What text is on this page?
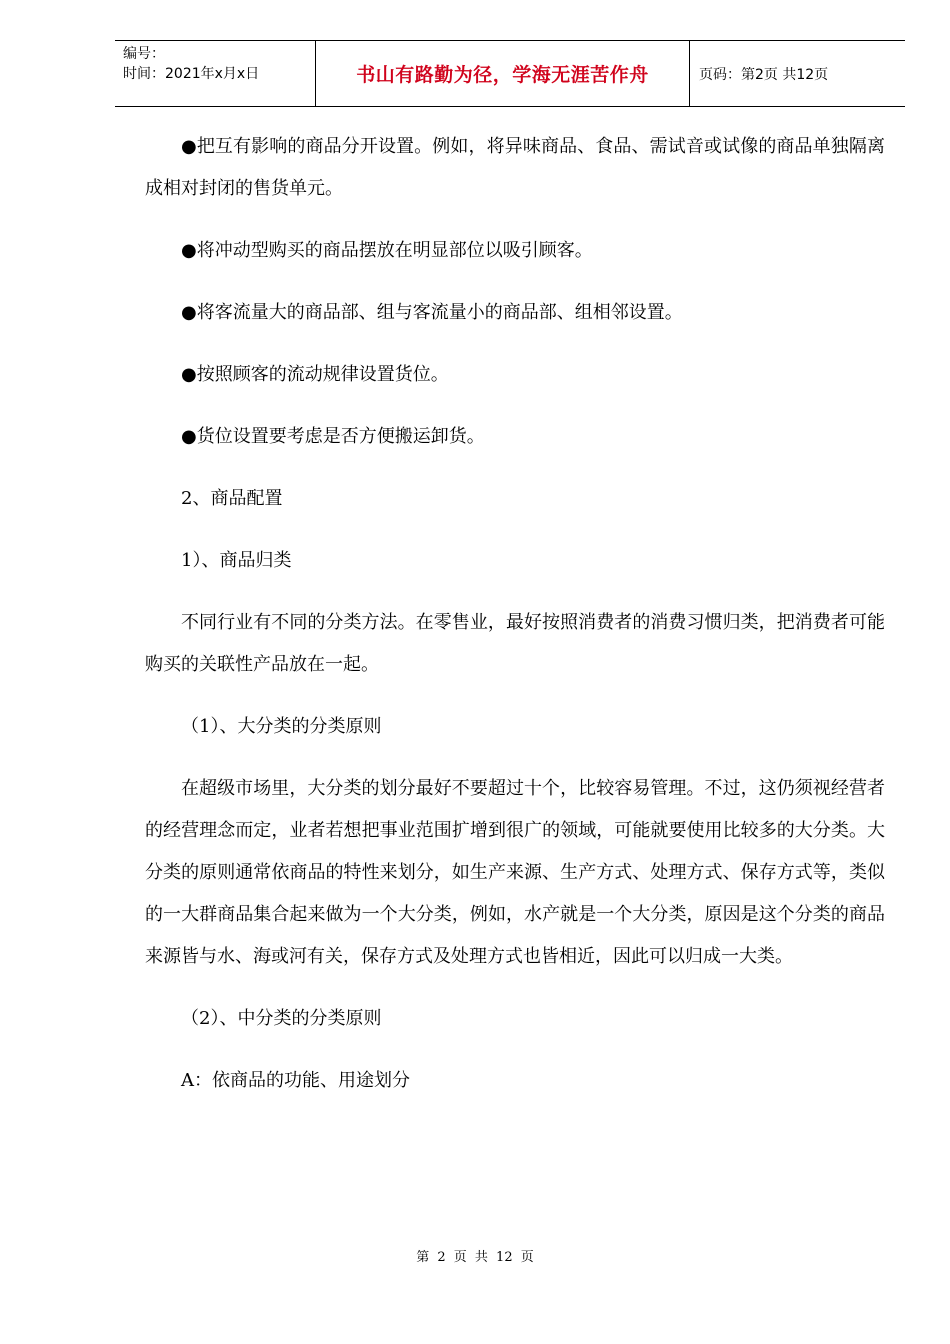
编号：
时间：2021年x月x日	书山有路勤为径，学海无涯苦作舟	页码：第2页 共12页

●把互有影响的商品分开设置。例如，将异味商品、食品、需试音或试像的商品单独隔离成相对封闭的售货单元。

●将冲动型购买的商品摆放在明显部位以吸引顾客。

●将客流量大的商品部、组与客流量小的商品部、组相邻设置。

●按照顾客的流动规律设置货位。

●货位设置要考虑是否方便搬运卸货。

2、商品配置

1）、商品归类

不同行业有不同的分类方法。在零售业，最好按照消费者的消费习惯归类，把消费者可能购买的关联性产品放在一起。

（1）、大分类的分类原则

在超级市场里，大分类的划分最好不要超过十个，比较容易管理。不过，这仍须视经营者的经营理念而定，业者若想把事业范围扩增到很广的领域，可能就要使用比较多的大分类。大分类的原则通常依商品的特性来划分，如生产来源、生产方式、处理方式、保存方式等，类似的一大群商品集合起来做为一个大分类，例如，水产就是一个大分类，原因是这个分类的商品来源皆与水、海或河有关，保存方式及处理方式也皆相近，因此可以归成一大类。

（2）、中分类的分类原则

A：依商品的功能、用途划分

第 2 页 共 12 页
